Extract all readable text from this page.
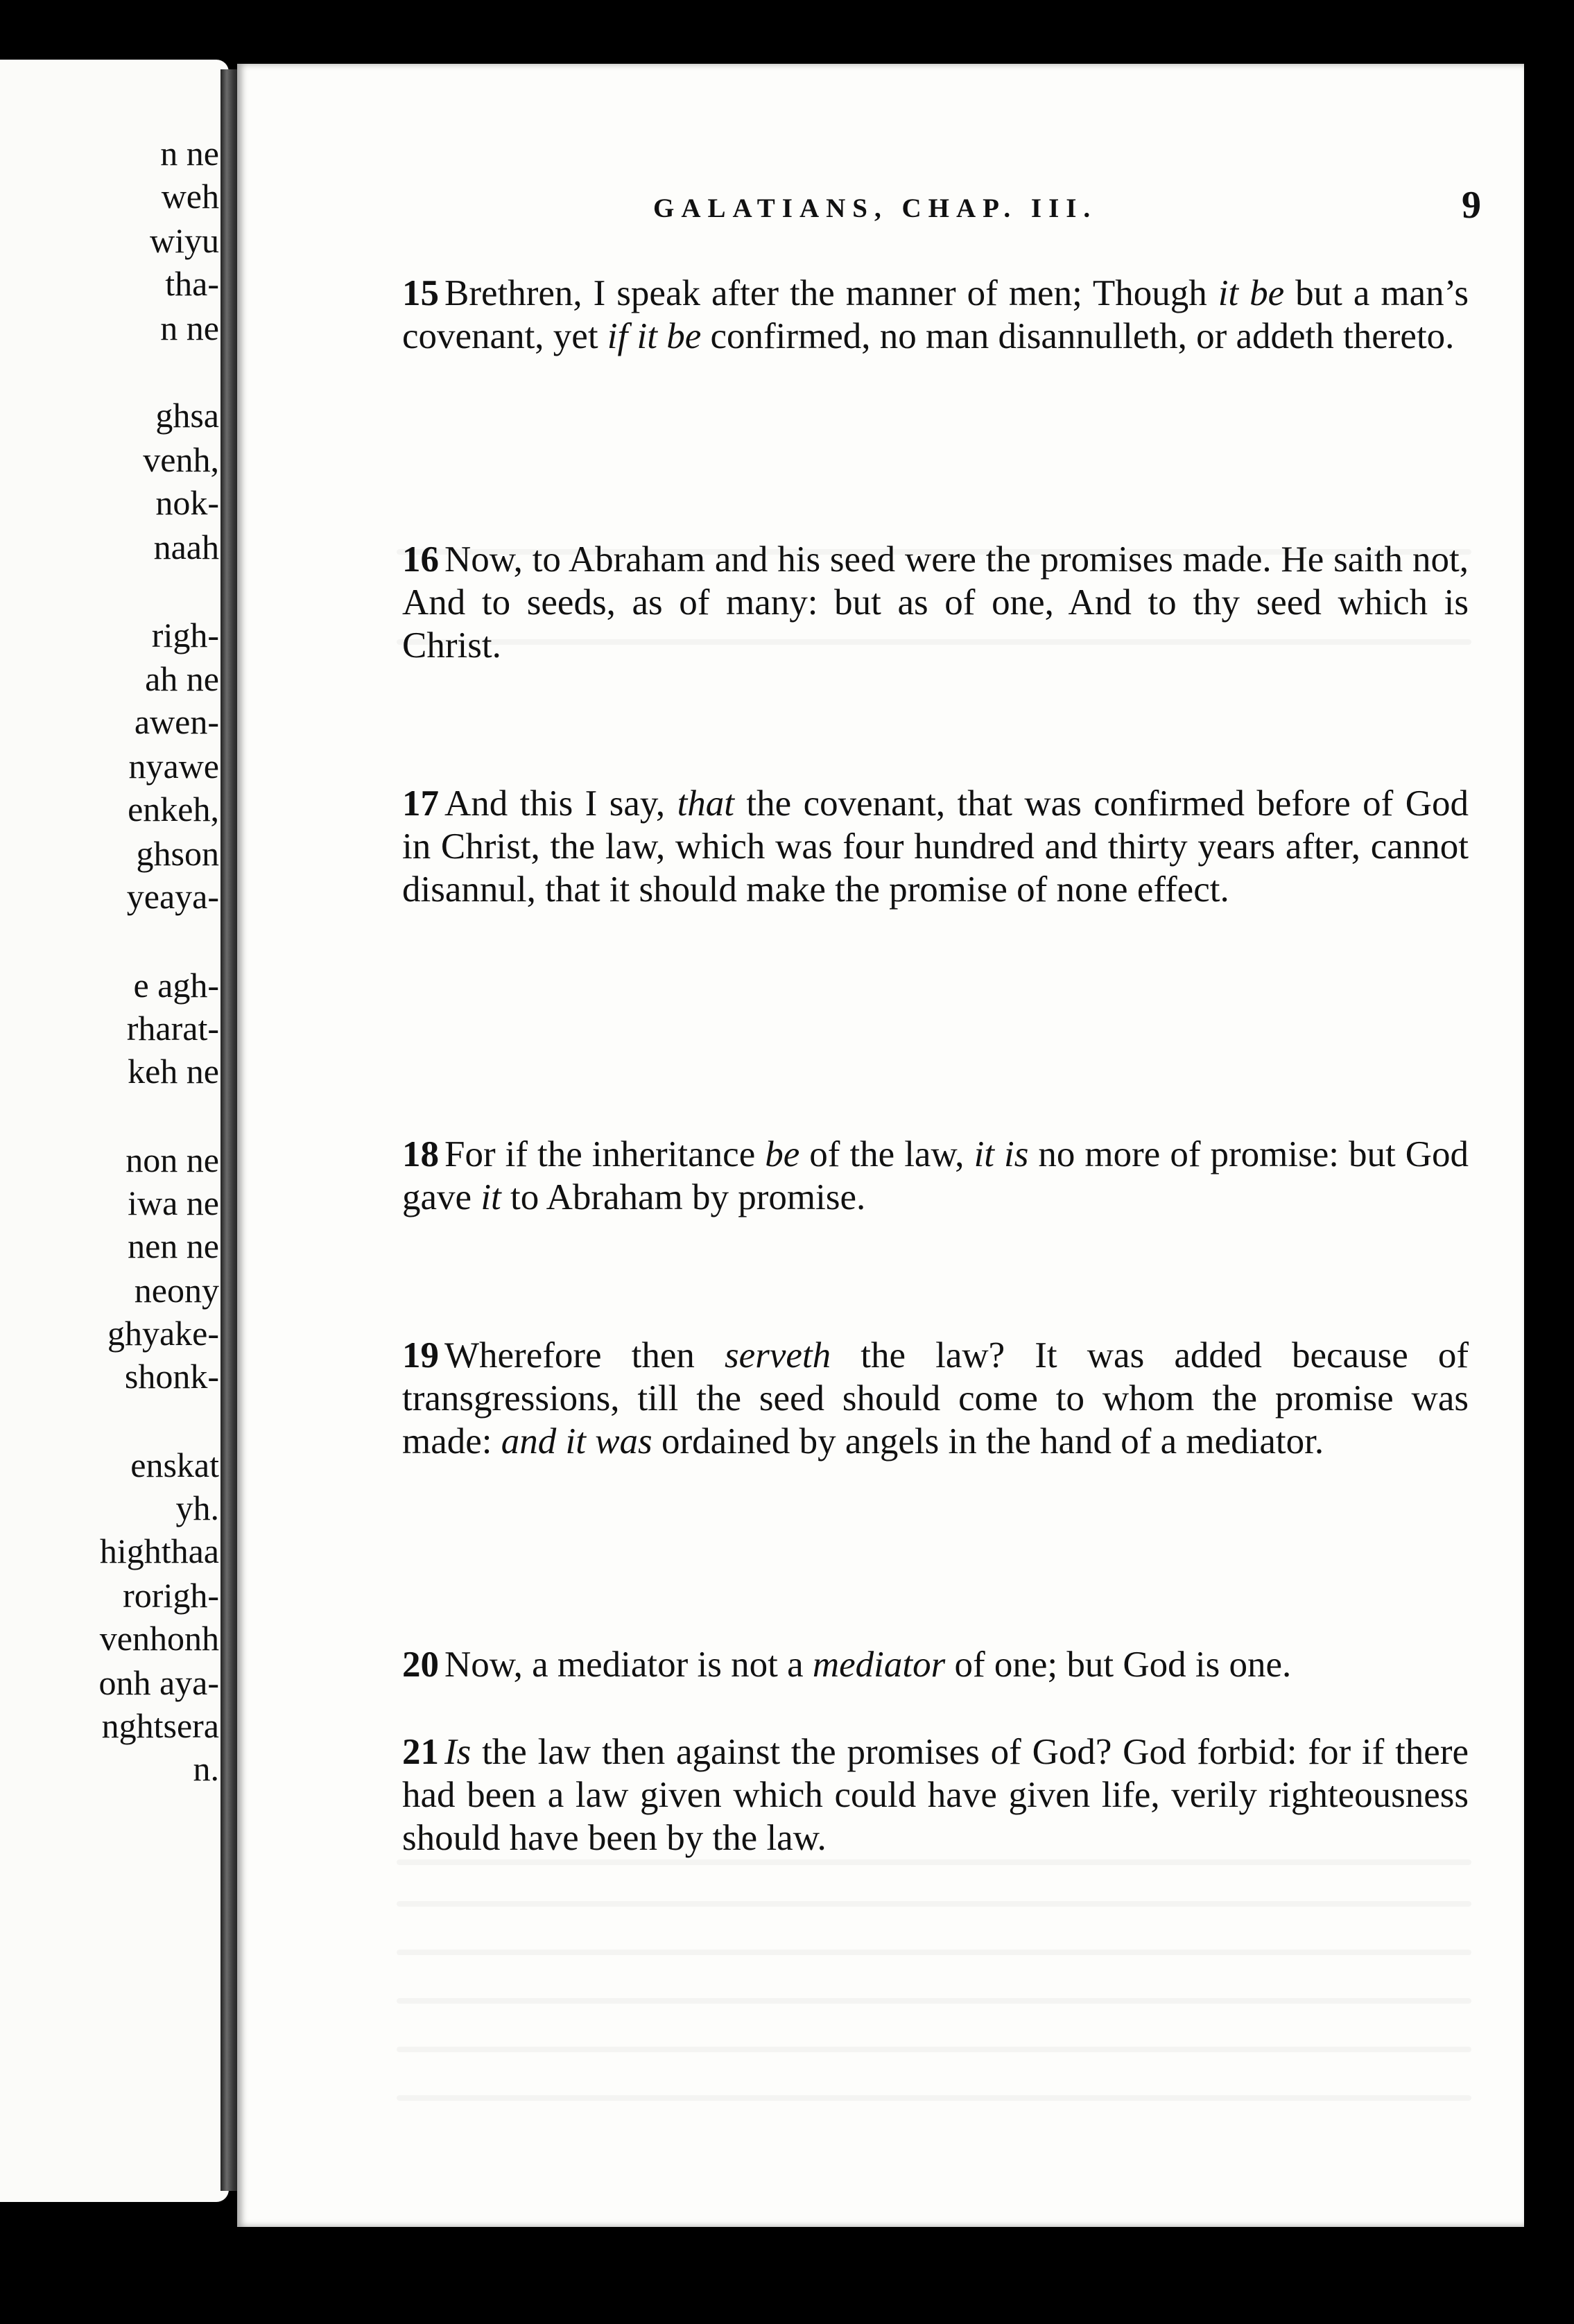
n ne
weh
wiyu
tha-
n ne
ghsa
venh,
nok-
naah
righ-
ah ne
awen-
nyawe
enkeh,
ghson
yeaya-
e agh-
rharat-
keh ne
non ne
iwa ne
nen ne
neony
ghyake-
shonk-
enskat
yh.
highthaa
rorigh-
venhonh
onh aya-
nghtsera
n.
GALATIANS, CHAP. III.	9
15 Brethren, I speak after the manner of men; Though it be but a man’s covenant, yet if it be confirmed, no man disannulleth, or addeth thereto.
16 Now, to Abraham and his seed were the promises made. He saith not, And to seeds, as of many: but as of one, And to thy seed which is Christ.
17 And this I say, that the covenant, that was confirmed before of God in Christ, the law, which was four hundred and thirty years after, cannot disannul, that it should make the promise of none effect.
18 For if the inheritance be of the law, it is no more of promise: but God gave it to Abraham by promise.
19 Wherefore then serveth the law? It was added because of transgressions, till the seed should come to whom the promise was made: and it was ordained by angels in the hand of a mediator.
20 Now, a mediator is not a mediator of one; but God is one.
21 Is the law then against the promises of God? God forbid: for if there had been a law given which could have given life, verily righteousness should have been by the law.
